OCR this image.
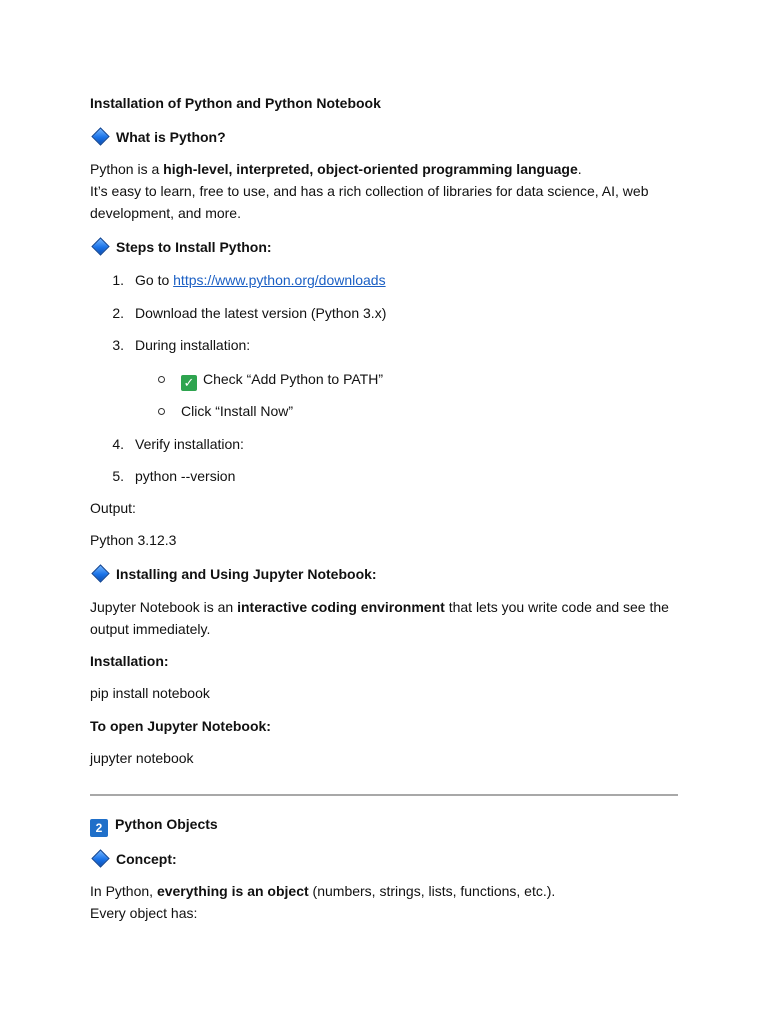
Installation of Python and Python Notebook
What is Python?
Python is a high-level, interpreted, object-oriented programming language.
It’s easy to learn, free to use, and has a rich collection of libraries for data science, AI, web
development, and more.
Steps to Install Python:
1. Go to https://www.python.org/downloads
2. Download the latest version (Python 3.x)
3. During installation:
✓ Check “Add Python to PATH”
Click “Install Now”
4. Verify installation:
5. python --version
Output:
Python 3.12.3
Installing and Using Jupyter Notebook:
Jupyter Notebook is an interactive coding environment that lets you write code and see the
output immediately.
Installation:
pip install notebook
To open Jupyter Notebook:
jupyter notebook
2 Python Objects
Concept:
In Python, everything is an object (numbers, strings, lists, functions, etc.).
Every object has:
